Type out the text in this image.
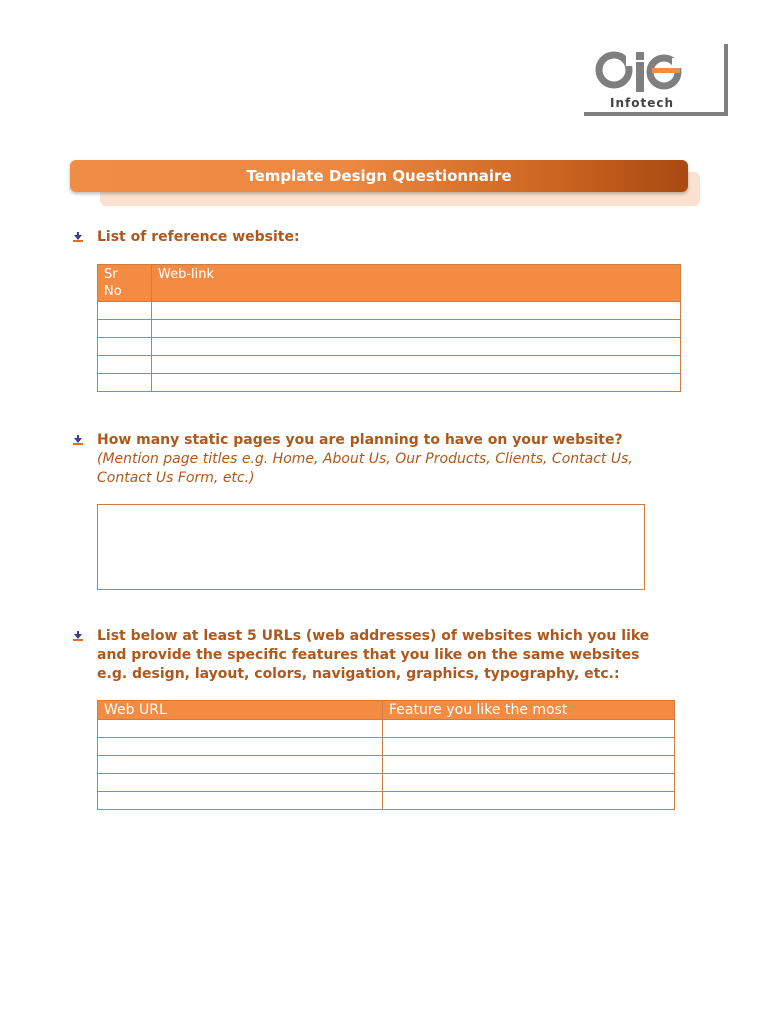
Infotech
Template Design Questionnaire
List of reference website:
Sr
No	Web-link

How many static pages you are planning to have on your website?
(Mention page titles e.g. Home, About Us, Our Products, Clients, Contact Us,
Contact Us Form, etc.)
List below at least 5 URLs (web addresses) of websites which you like
and provide the specific features that you like on the same websites
e.g. design, layout, colors, navigation, graphics, typography, etc.:
Web URL	Feature you like the most
